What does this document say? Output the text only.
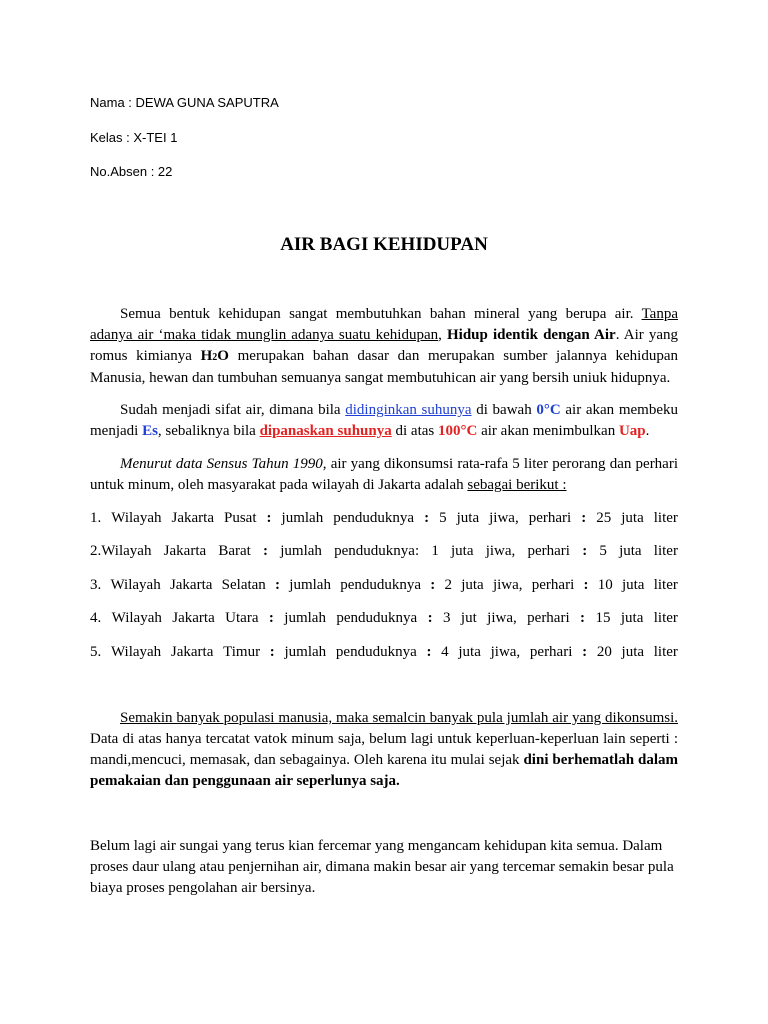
Nama : DEWA GUNA SAPUTRA
Kelas : X-TEI 1
No.Absen : 22
AIR BAGI KEHIDUPAN

Semua bentuk kehidupan sangat membutuhkan bahan mineral yang berupa air. Tanpa adanya air ‘maka tidak munglin adanya suatu kehidupan, Hidup identik dengan Air. Air yang romus kimianya H2O merupakan bahan dasar dan merupakan sumber jalannya kehidupan Manusia, hewan dan tumbuhan semuanya sangat membutuhican air yang bersih uniuk hidupnya.

Sudah menjadi sifat air, dimana bila didinginkan suhunya di bawah 0°C air akan membeku menjadi Es, sebaliknya bila dipanaskan suhunya di atas 100°C air akan menimbulkan Uap.

Menurut data Sensus Tahun 1990, air yang dikonsumsi rata-rafa 5 liter perorang dan perhari untuk minum, oleh masyarakat pada wilayah di Jakarta adalah sebagai berikut :

1. Wilayah Jakarta Pusat : jumlah penduduknya : 5 juta jiwa, perhari : 25 juta liter
2.Wilayah Jakarta Barat : jumlah penduduknya: 1 juta jiwa, perhari : 5 juta liter
3. Wilayah Jakarta Selatan : jumlah penduduknya : 2 juta jiwa, perhari : 10 juta liter
4. Wilayah Jakarta Utara : jumlah penduduknya : 3 jut jiwa, perhari : 15 juta liter
5. Wilayah Jakarta Timur : jumlah penduduknya : 4 juta jiwa, perhari : 20 juta liter

Semakin banyak populasi manusia, maka semalcin banyak pula jumlah air yang dikonsumsi. Data di atas hanya tercatat vatok minum saja, belum lagi untuk keperluan-keperluan lain seperti : mandi,mencuci, memasak, dan sebagainya. Oleh karena itu mulai sejak dini berhematlah dalam pemakaian dan penggunaan air seperlunya saja.

Belum lagi air sungai yang terus kian fercemar yang mengancam kehidupan kita semua. Dalam proses daur ulang atau penjernihan air, dimana makin besar air yang tercemar semakin besar pula biaya proses pengolahan air bersinya.
